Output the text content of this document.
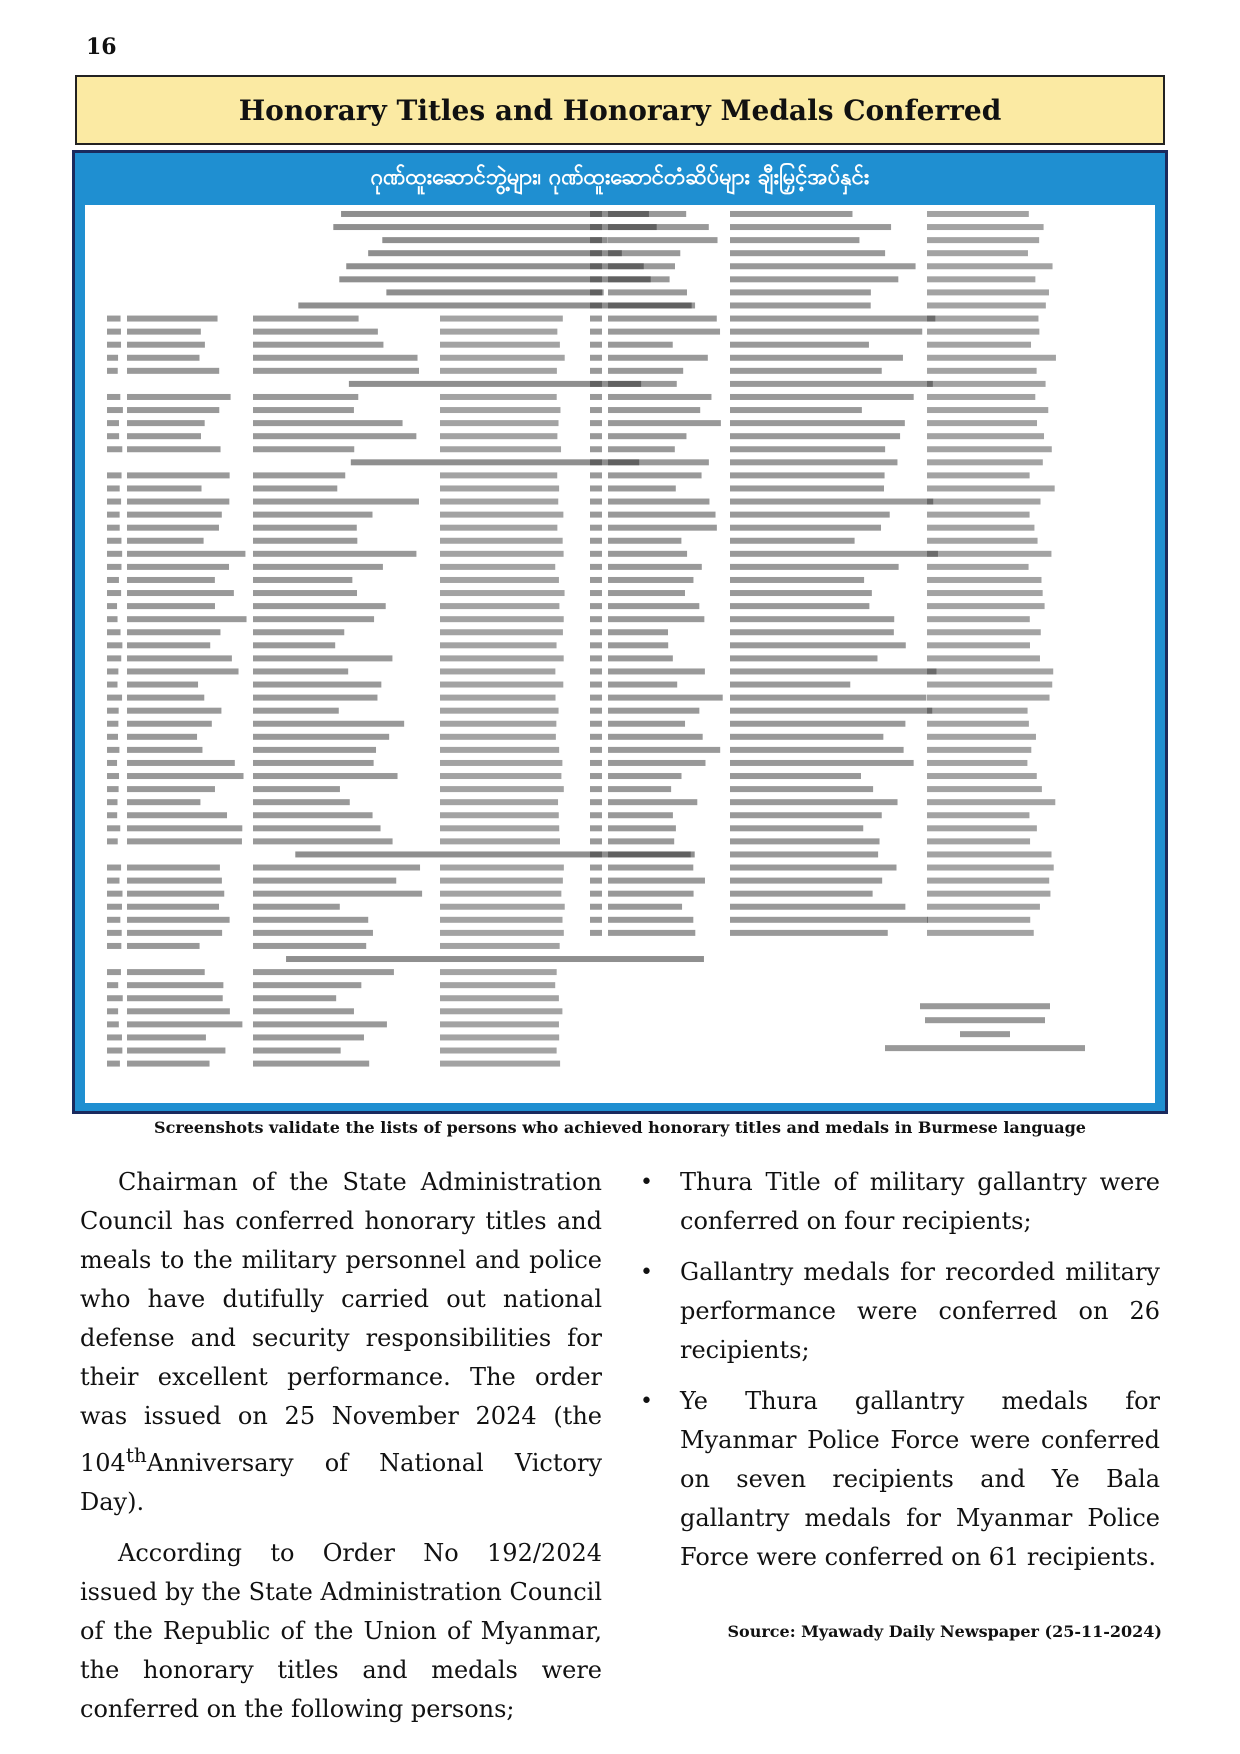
16
Honorary Titles and Honorary Medals Conferred
ဂုဏ်ထူးဆောင်ဘွဲ့များ၊ ဂုဏ်ထူးဆောင်တံဆိပ်များ ချီးမြှင့်အပ်နှင်း
Screenshots validate the lists of persons who achieved honorary titles and medals in Burmese language

Chairman of the State Administration Council has conferred honorary titles and meals to the military personnel and police who have dutifully carried out national defense and security responsibilities for their excellent performance. The order was issued on 25 November 2024 (the 104thAnniversary of National Victory Day).

According to Order No 192/2024 issued by the State Administration Council of the Republic of the Union of Myanmar, the honorary titles and medals were conferred on the following persons;

• Thura Title of military gallantry were conferred on four recipients;
• Gallantry medals for recorded military performance were conferred on 26 recipients;
• Ye Thura gallantry medals for Myanmar Police Force were conferred on seven recipients and Ye Bala gallantry medals for Myanmar Police Force were conferred on 61 recipients.
Source: Myawady Daily Newspaper (25-11-2024)
